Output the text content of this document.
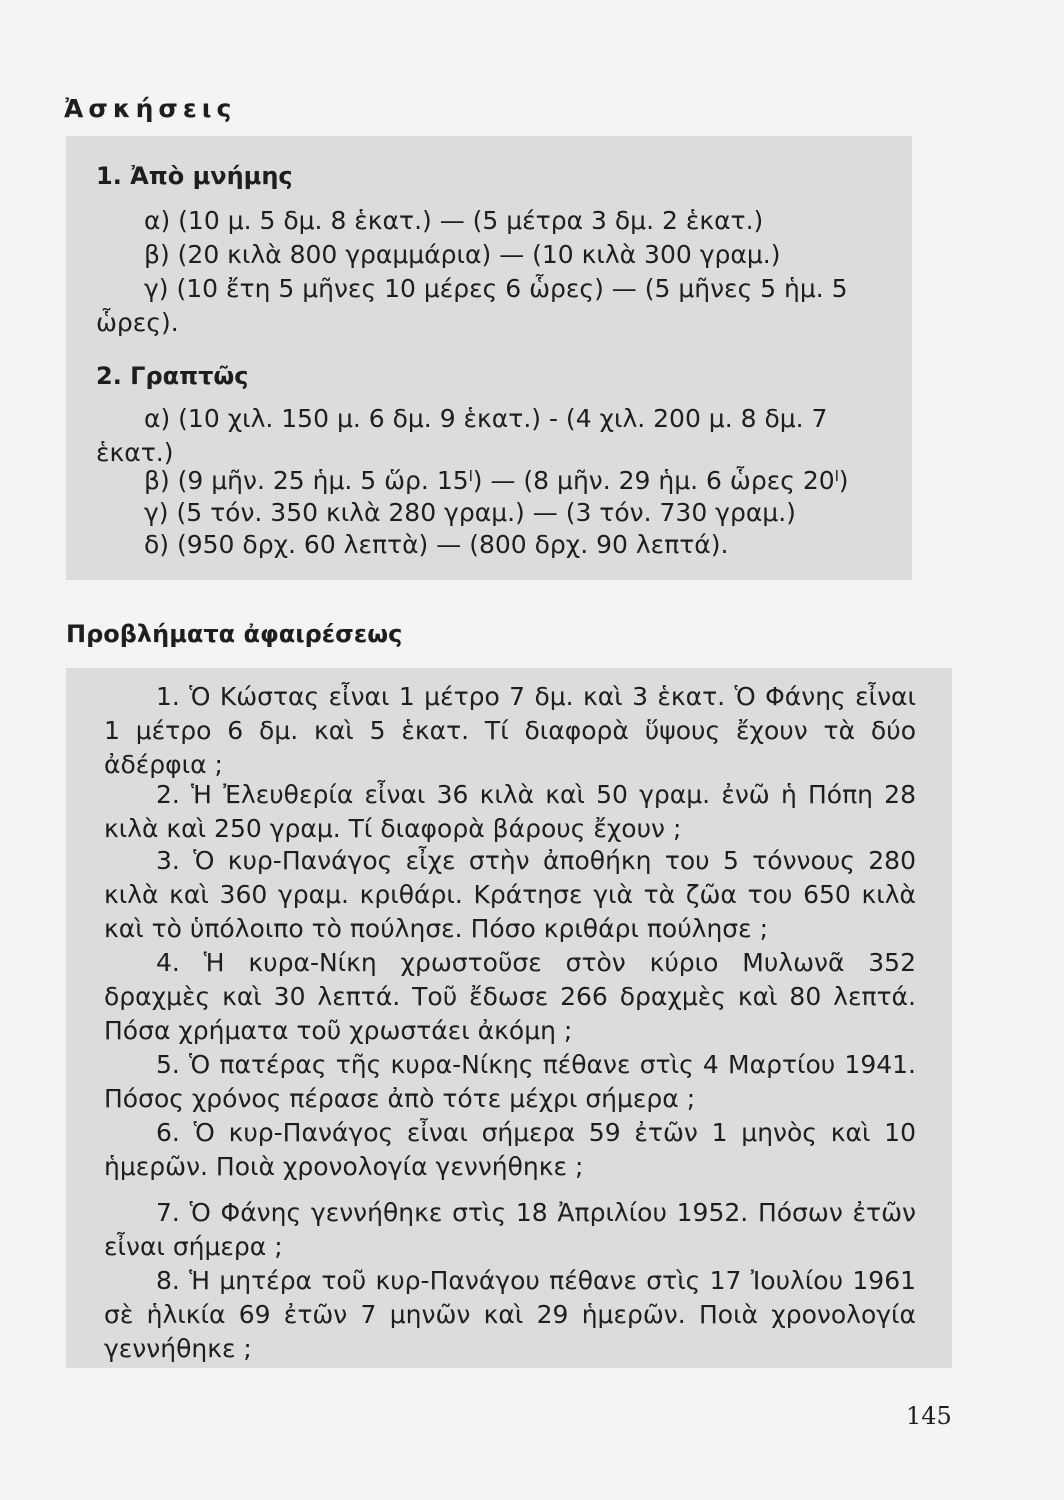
Ἀσκήσεις
1. Ἀπὸ μνήμης

α) (10 μ. 5 δμ. 8 ἑκατ.) — (5 μέτρα 3 δμ. 2 ἑκατ.)

β) (20 κιλὰ 800 γραμμάρια) — (10 κιλὰ 300 γραμ.)

γ) (10 ἔτη 5 μῆνες 10 μέρες 6 ὧρες) — (5 μῆνες 5 ἡμ. 5

ὧρες).

2. Γραπτῶς

α) (10 χιλ. 150 μ. 6 δμ. 9 ἑκατ.) - (4 χιλ. 200 μ. 8 δμ. 7

ἑκατ.)

β) (9 μῆν. 25 ἡμ. 5 ὥρ. 15ˡ) — (8 μῆν. 29 ἡμ. 6 ὧρες 20ˡ)

γ) (5 τόν. 350 κιλὰ 280 γραμ.) — (3 τόν. 730 γραμ.)

δ) (950 δρχ. 60 λεπτὰ) — (800 δρχ. 90 λεπτά).

Προβλήματα ἀφαιρέσεως

1. Ὁ Κώστας εἶναι 1 μέτρο 7 δμ. καὶ 3 ἑκατ. Ὁ Φάνης εἶναι 1 μέτρο 6 δμ. καὶ 5 ἑκατ. Τί διαφορὰ ὕψους ἔχουν τὰ δύο ἀδέρφια ;

2. Ἡ Ἐλευθερία εἶναι 36 κιλὰ καὶ 50 γραμ. ἐνῶ ἡ Πόπη 28 κιλὰ καὶ 250 γραμ. Τί διαφορὰ βάρους ἔχουν ;

3. Ὁ κυρ-Πανάγος εἶχε στὴν ἀποθήκη του 5 τόννους 280 κιλὰ καὶ 360 γραμ. κριθάρι. Κράτησε γιὰ τὰ ζῶα του 650 κιλὰ καὶ τὸ ὑπόλοιπο τὸ πούλησε. Πόσο κριθάρι πούλησε ;

4. Ἡ κυρα-Νίκη χρωστοῦσε στὸν κύριο Μυλωνᾶ 352 δραχμὲς καὶ 30 λεπτά. Τοῦ ἔδωσε 266 δραχμὲς καὶ 80 λεπτά. Πόσα χρήματα τοῦ χρωστάει ἀκόμη ;

5. Ὁ πατέρας τῆς κυρα-Νίκης πέθανε στὶς 4 Μαρτίου 1941. Πόσος χρόνος πέρασε ἀπὸ τότε μέχρι σήμερα ;

6. Ὁ κυρ-Πανάγος εἶναι σήμερα 59 ἐτῶν 1 μηνὸς καὶ 10 ἡμερῶν. Ποιὰ χρονολογία γεννήθηκε ;

7. Ὁ Φάνης γεννήθηκε στὶς 18 Ἀπριλίου 1952. Πόσων ἐτῶν εἶναι σήμερα ;

8. Ἡ μητέρα τοῦ κυρ-Πανάγου πέθανε στὶς 17 Ἰουλίου 1961 σὲ ἡλικία 69 ἐτῶν 7 μηνῶν καὶ 29 ἡμερῶν. Ποιὰ χρονολογία γεννήθηκε ;

145
